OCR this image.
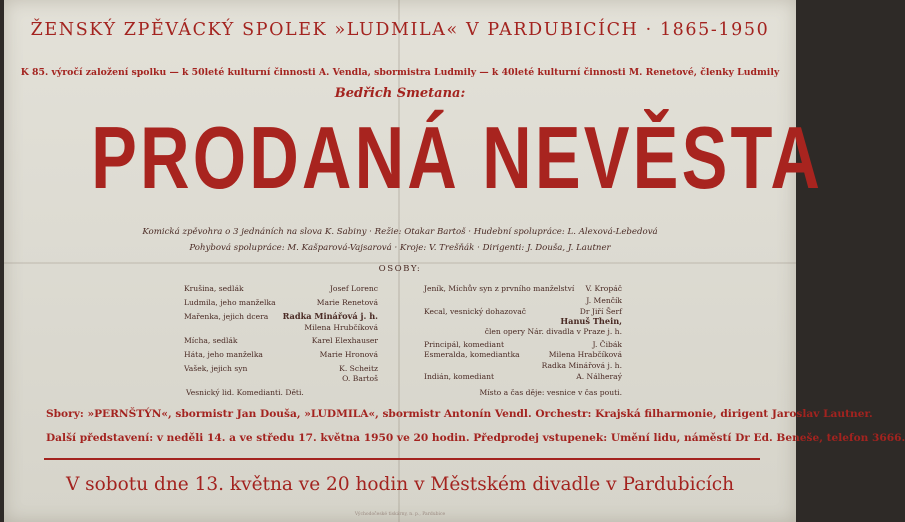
ŽENSKÝ ZPĚVÁCKÝ SPOLEK »LUDMILA« V PARDUBICÍCH · 1865-1950
K 85. výročí založení spolku — k 50leté kulturní činnosti A. Vendla, sbormistra Ludmily — k 40leté kulturní činnosti M. Renetové, členky Ludmily
Bedřich Smetana:
PRODANÁ NEVĚSTA
Komická zpěvohra o 3 jednáních na slova K. Sabiny · Režie: Otakar Bartoš · Hudební spolupráce: L. Alexová-Lebedová
Pohybová spolupráce: M. Kašparová-Vajsarová · Kroje: V. Trešňák · Dirigenti: J. Douša, J. Lautner
OSOBY:
Krušina, sedlák	Josef Lorenc
Ludmila, jeho manželka	Marie Renetová
Mařenka, jejich dcera Radka Minářová j. h.
Milena Hrubčíková
Mícha, sedlák	Karel Elexhauser
Háta, jeho manželka	Marie Hronová
Vašek, jejich syn	K. Scheitz
O. Bartoš
Vesnický lid. Komedianti. Děti.
Jeník, Míchův syn z prvního manželství V. Kropáč
J. Menčík
Kecal, vesnický dohazovač	Dr Jiří Šerf
Hanuš Thein,
člen opery Nár. divadla v Praze j. h.
Principál, komediant	J. Čibák
Esmeralda, komediantka	Milena Hrabčíková
Radka Minářová j. h.
Indián, komediant	A. Nálheraý
Místo a čas děje: vesnice v čas pouti.
Sbory: »PERNŠTÝN«, sbormistr Jan Douša, »LUDMILA«, sbormistr Antonín Vendl. Orchestr: Krajská filharmonie, dirigent Jaroslav Lautner.
Další představení: v neděli 14. a ve středu 17. května 1950 ve 20 hodin. Předprodej vstupenek: Umění lidu, náměstí Dr Ed. Beneše, telefon 3666.
V sobotu dne 13. května ve 20 hodin v Městském divadle v Pardubicích
Východočeské tiskárny, n. p., Pardubice
